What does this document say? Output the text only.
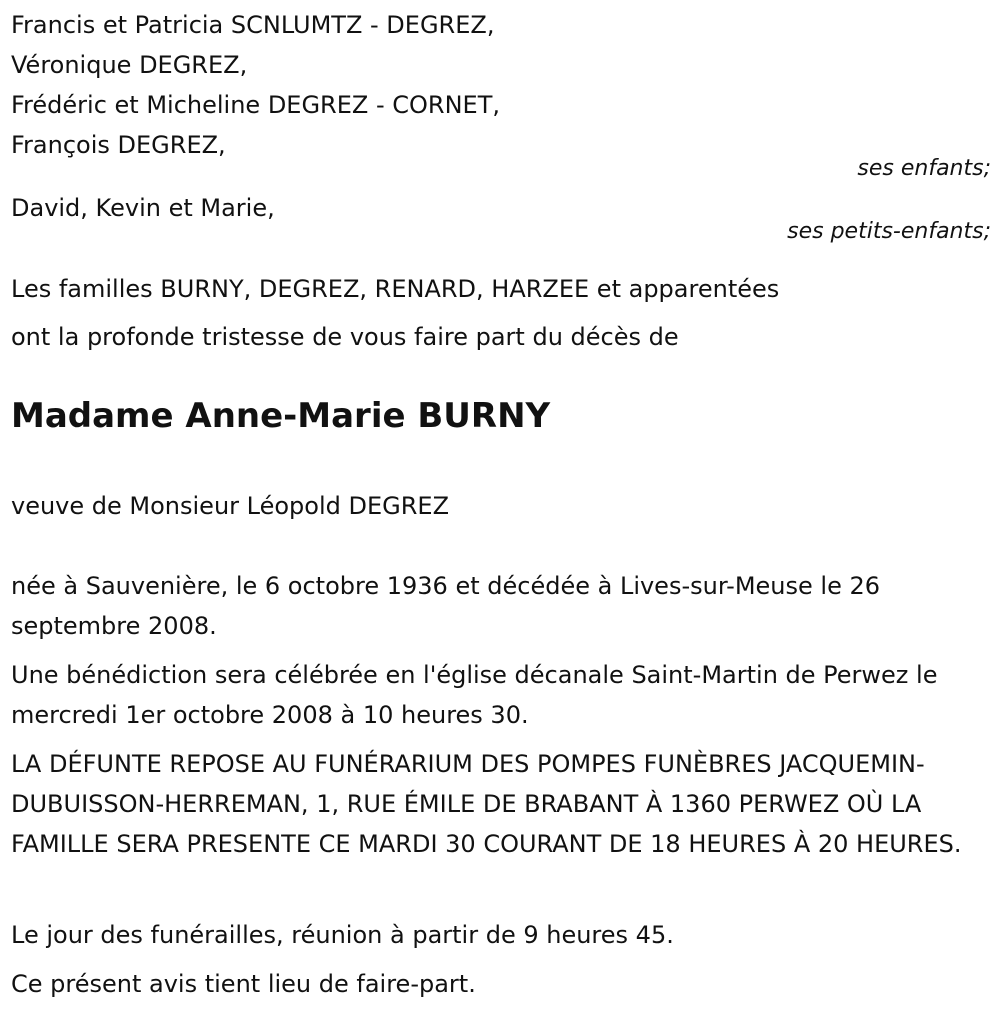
Francis et Patricia SCNLUMTZ - DEGREZ,

Véronique DEGREZ,

Frédéric et Micheline DEGREZ - CORNET,

François DEGREZ,

ses enfants;

David, Kevin et Marie,

ses petits-enfants;

Les familles BURNY, DEGREZ, RENARD, HARZEE et apparentées

ont la profonde tristesse de vous faire part du décès de

Madame Anne-Marie BURNY

veuve de Monsieur Léopold DEGREZ

née à Sauvenière, le 6 octobre 1936 et décédée à Lives-sur-Meuse le 26 septembre 2008.

Une bénédiction sera célébrée en l'église décanale Saint-Martin de Perwez le mercredi 1er octobre 2008 à 10 heures 30.

LA DÉFUNTE REPOSE AU FUNÉRARIUM DES POMPES FUNÈBRES JACQUEMIN-DUBUISSON-HERREMAN, 1, RUE ÉMILE DE BRABANT À 1360 PERWEZ OÙ LA FAMILLE SERA PRESENTE CE MARDI 30 COURANT DE 18 HEURES À 20 HEURES.

Le jour des funérailles, réunion à partir de 9 heures 45.

Ce présent avis tient lieu de faire-part.
